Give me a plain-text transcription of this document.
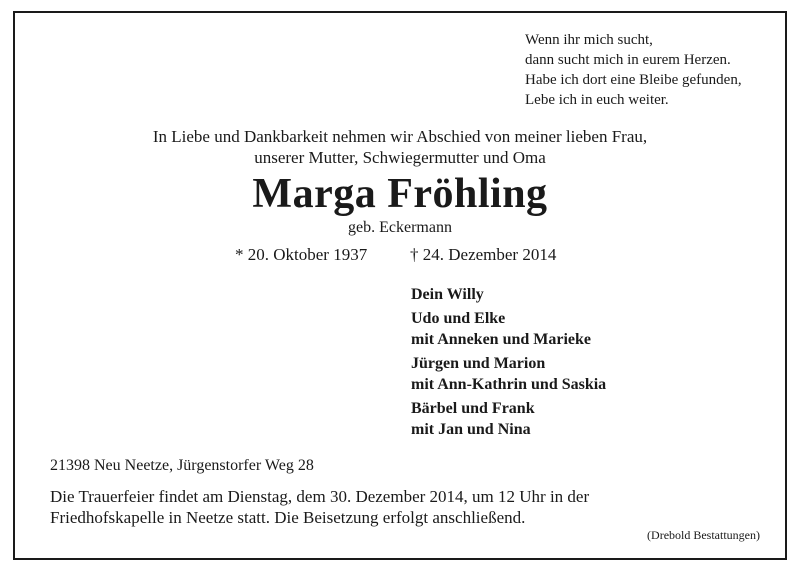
Wenn ihr mich sucht,
dann sucht mich in eurem Herzen.
Habe ich dort eine Bleibe gefunden,
Lebe ich in euch weiter.
In Liebe und Dankbarkeit nehmen wir Abschied von meiner lieben Frau,
unserer Mutter, Schwiegermutter und Oma
Marga Fröhling
geb. Eckermann
* 20. Oktober 1937	† 24. Dezember 2014
Dein Willy
Udo und Elke
mit Anneken und Marieke
Jürgen und Marion
mit Ann-Kathrin und Saskia
Bärbel und Frank
mit Jan und Nina
21398 Neu Neetze, Jürgenstorfer Weg 28
Die Trauerfeier findet am Dienstag, dem 30. Dezember 2014, um 12 Uhr in der
Friedhofskapelle in Neetze statt. Die Beisetzung erfolgt anschließend.
(Drebold Bestattungen)
